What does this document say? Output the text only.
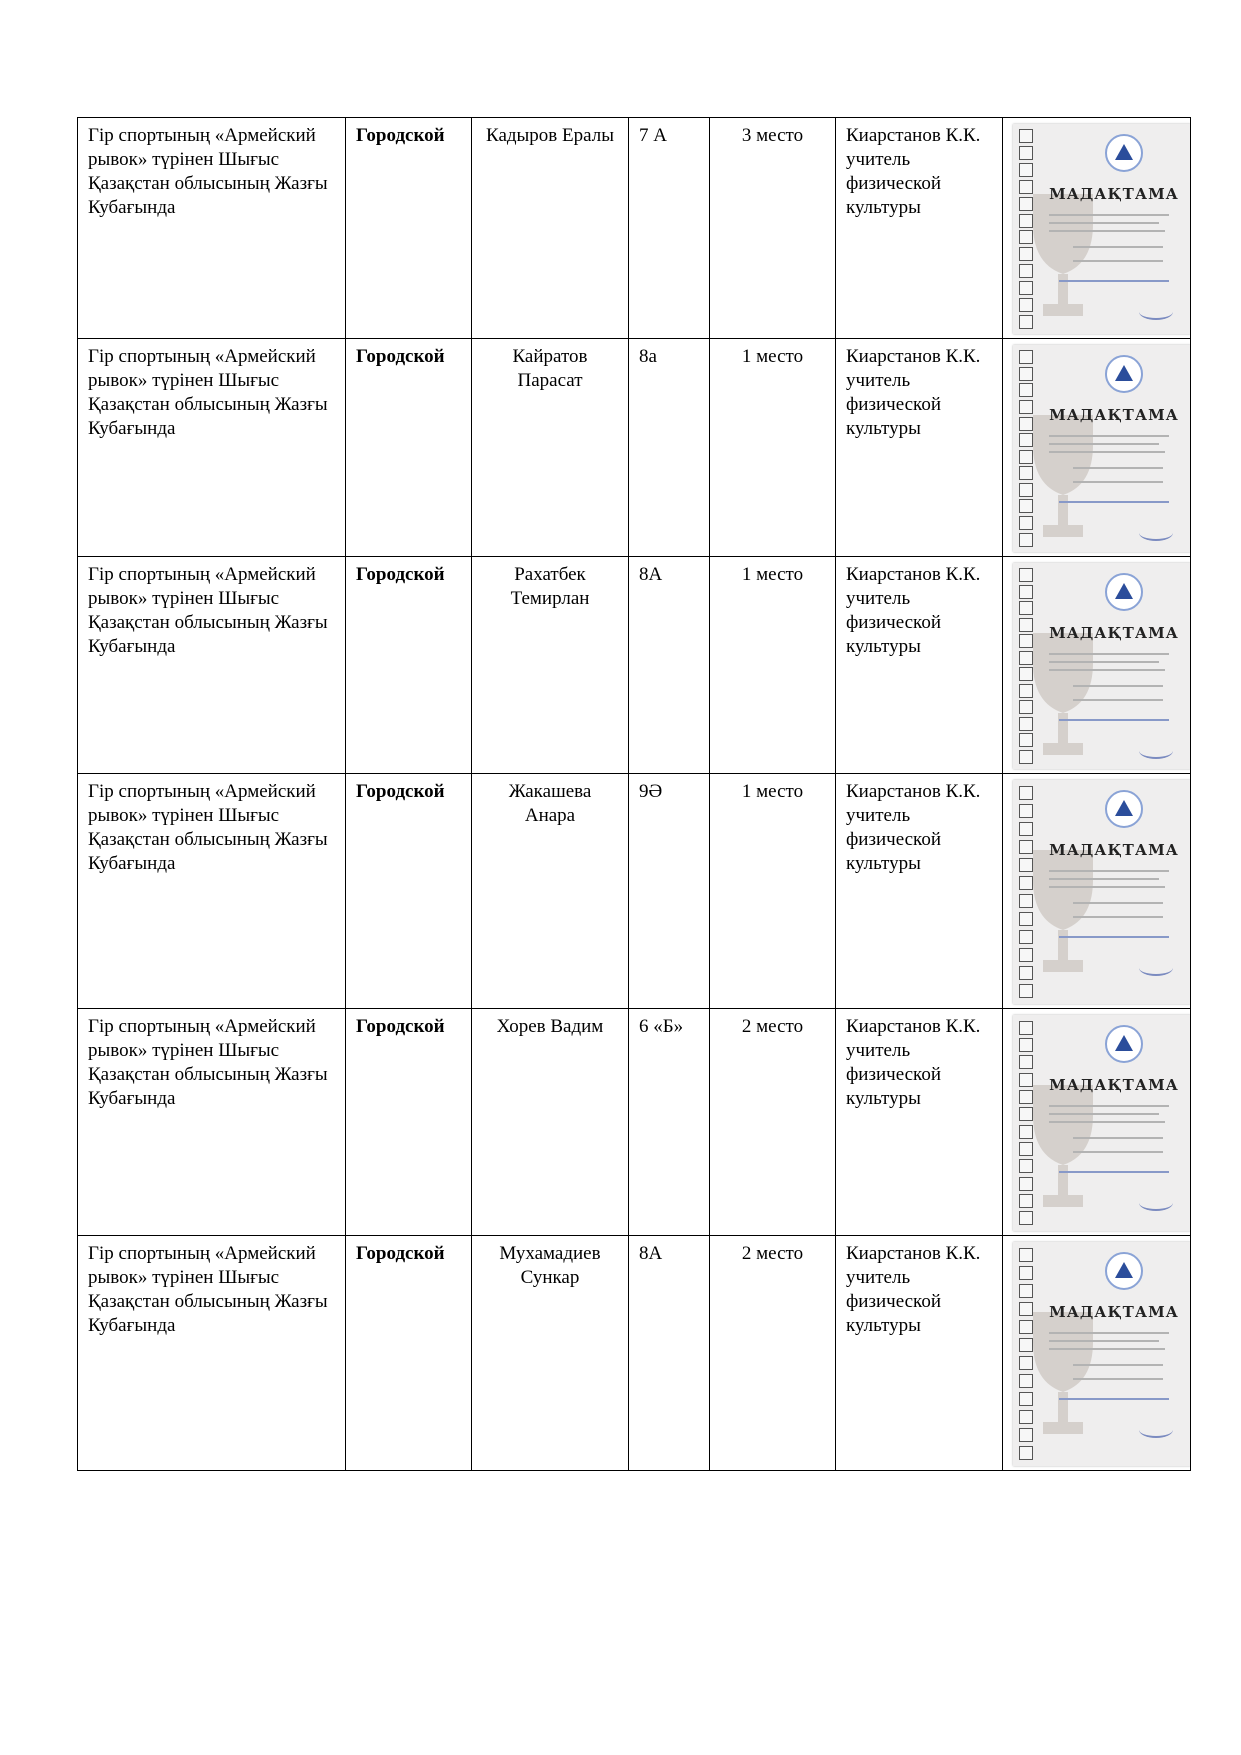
Гір спортының «Армейский рывок» түрінен Шығыс Қазақстан облысының Жазғы Кубағында	Городской	Кадыров Ералы	7 А	3 место	Киарстанов К.К. учитель физической культуры	МАДАҚТАМА

Гір спортының «Армейский рывок» түрінен Шығыс Қазақстан облысының Жазғы Кубағында	Городской	Кайратов Парасат	8а	1 место	Киарстанов К.К. учитель физической культуры	МАДАҚТАМА

Гір спортының «Армейский рывок» түрінен Шығыс Қазақстан облысының Жазғы Кубағында	Городской	Рахатбек Темирлан	8А	1 место	Киарстанов К.К. учитель физической культуры	МАДАҚТАМА

Гір спортының «Армейский рывок» түрінен Шығыс Қазақстан облысының Жазғы Кубағында	Городской	Жакашева Анара	9Ә	1 место	Киарстанов К.К. учитель физической культуры	МАДАҚТАМА

Гір спортының «Армейский рывок» түрінен Шығыс Қазақстан облысының Жазғы Кубағында	Городской	Хорев Вадим	6 «Б»	2 место	Киарстанов К.К. учитель физической культуры	МАДАҚТАМА

Гір спортының «Армейский рывок» түрінен Шығыс Қазақстан облысының Жазғы Кубағында	Городской	Мухамадиев Сункар	8А	2 место	Киарстанов К.К. учитель физической культуры	МАДАҚТАМА
